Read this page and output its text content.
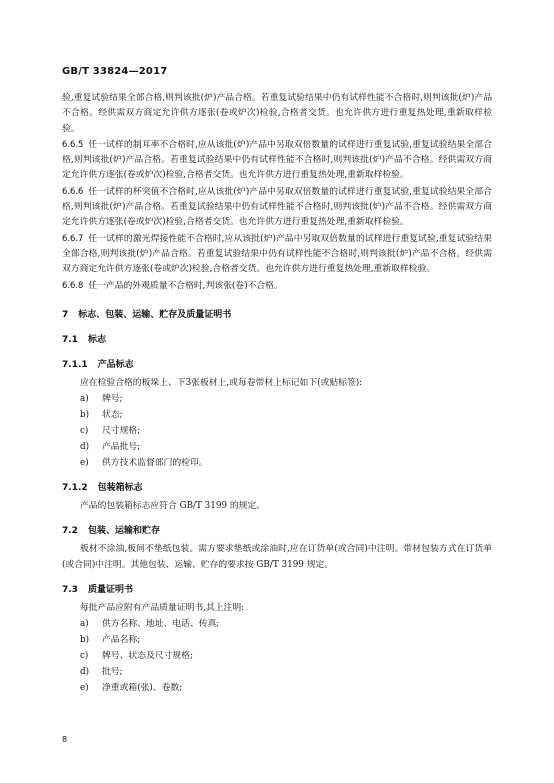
GB/T 33824—2017

验,重复试验结果全部合格,则判该批(炉)产品合格。若重复试验结果中仍有试样性能不合格时,则判该批(炉)产品不合格。经供需双方商定允许供方逐张(卷或炉次)检验,合格者交货。也允许供方进行重复热处理,重新取样检验。

6.6.5 任一试样的制耳率不合格时,应从该批(炉)产品中另取双倍数量的试样进行重复试验,重复试验结果全部合格,则判该批(炉)产品合格。若重复试验结果中仍有试样性能不合格时,则判该批(炉)产品不合格。经供需双方商定允许供方逐张(卷或炉次)检验,合格者交货。也允许供方进行重复热处理,重新取样检验。

6.6.6 任一试样的杯突值不合格时,应从该批(炉)产品中另取双倍数量的试样进行重复试验,重复试验结果全部合格,则判该批(炉)产品合格。若重复试验结果中仍有试样性能不合格时,则判该批(炉)产品不合格。经供需双方商定允许供方逐张(卷或炉次)检验,合格者交货。也允许供方进行重复热处理,重新取样检验。

6.6.7 任一试样的激光焊接性能不合格时,应从该批(炉)产品中另取双倍数量的试样进行重复试验,重复试验结果全部合格,则判该批(炉)产品合格。若重复试验结果中仍有试样性能不合格时,则判该批(炉)产品不合格。经供需双方商定允许供方逐张(卷或炉次)检验,合格者交货。也允许供方进行重复热处理,重新取样检验。

6.6.8 任一产品的外观质量不合格时,判该张(卷)不合格。

7 标志、包装、运输、贮存及质量证明书

7.1 标志

7.1.1 产品标志

应在检验合格的板垛上、下3张板材上,或每卷带材上标记如下(或贴标签):

a) 牌号;
b) 状态;
c) 尺寸规格;
d) 产品批号;
e) 供方技术监督部门的检印。

7.1.2 包装箱标志

产品的包装箱标志应符合 GB/T 3199 的规定。

7.2 包装、运输和贮存

板材不涂油,板间不垫纸包装。需方要求垫纸或涂油时,应在订货单(或合同)中注明。带材包装方式在订货单(或合同)中注明。其他包装、运输、贮存的要求按 GB/T 3199 规定。

7.3 质量证明书

每批产品应附有产品质量证明书,其上注明:

a) 供方名称、地址、电话、传真;
b) 产品名称;
c) 牌号、状态及尺寸规格;
d) 批号;
e) 净重或箱(张)、卷数;
8
